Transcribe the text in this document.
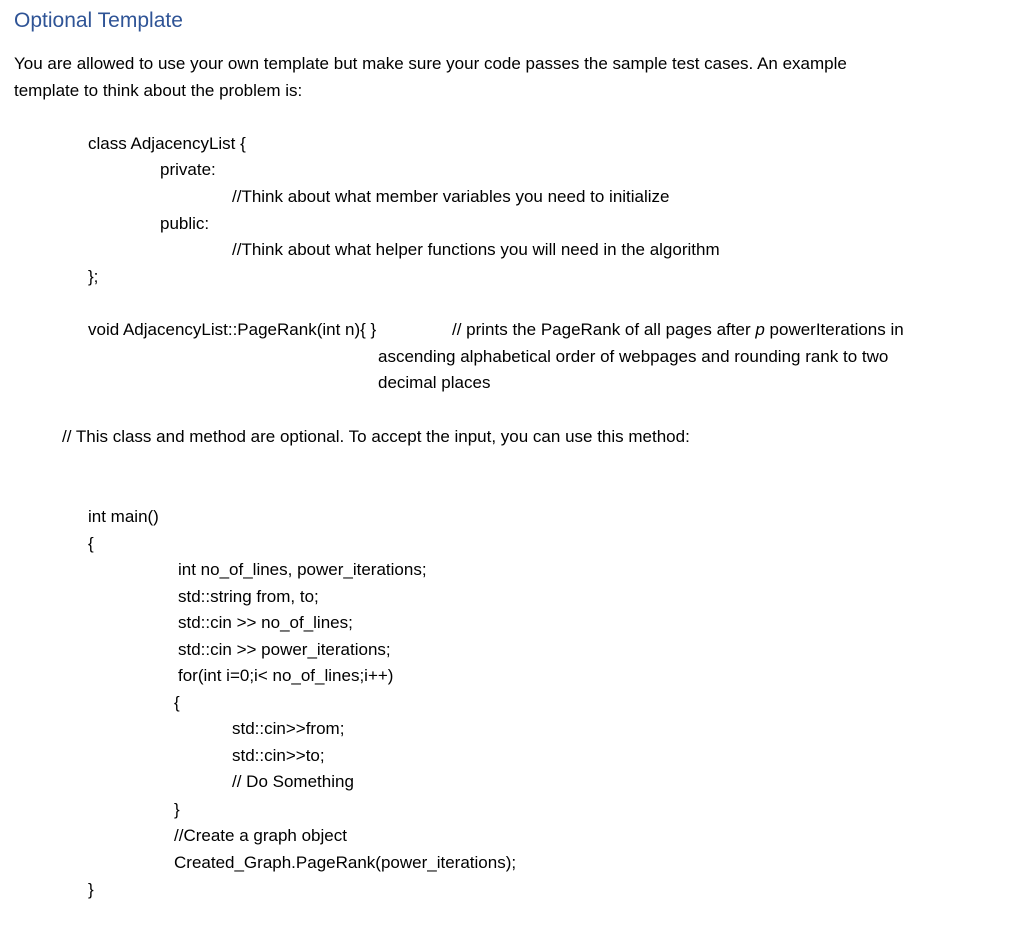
Optional Template
You are allowed to use your own template but make sure your code passes the sample test cases. An example
template to think about the problem is:
class AdjacencyList {
private:
//Think about what member variables you need to initialize
public:
//Think about what helper functions you will need in the algorithm
};
void AdjacencyList::PageRank(int n){ }	// prints the PageRank of all pages after p powerIterations in
ascending alphabetical order of webpages and rounding rank to two
decimal places
// This class and method are optional. To accept the input, you can use this method:
int main()
{
int no_of_lines, power_iterations;
std::string from, to;
std::cin >> no_of_lines;
std::cin >> power_iterations;
for(int i=0;i< no_of_lines;i++)
{
std::cin>>from;
std::cin>>to;
// Do Something
}
//Create a graph object
Created_Graph.PageRank(power_iterations);
}
